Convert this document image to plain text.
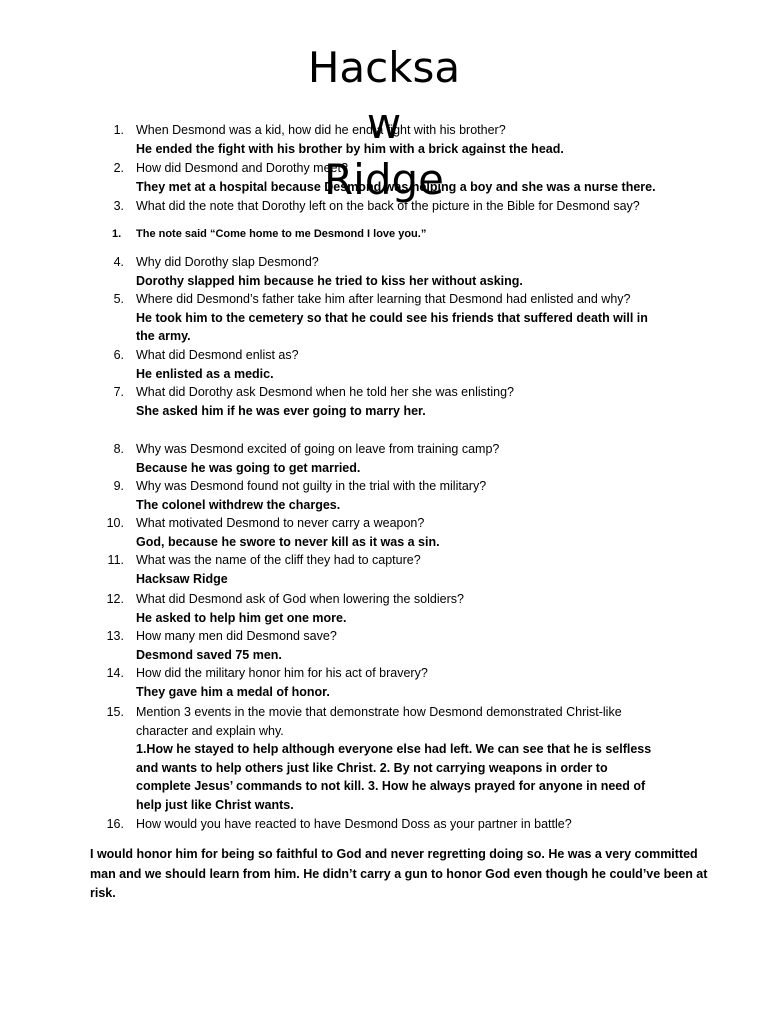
Hacksa
w
Ridge
1. When Desmond was a kid, how did he end a fight with his brother?
He ended the fight with his brother by him with a brick against the head.
2. How did Desmond and Dorothy meet?
They met at a hospital because Desmond was helping a boy and she was a nurse there.
3. What did the note that Dorothy left on the back of the picture in the Bible for Desmond say?
1. The note said “Come home to me Desmond I love you.”
4. Why did Dorothy slap Desmond?
Dorothy slapped him because he tried to kiss her without asking.
5. Where did Desmond’s father take him after learning that Desmond had enlisted and why?
He took him to the cemetery so that he could see his friends that suffered death will in the army.
6. What did Desmond enlist as?
He enlisted as a medic.
7. What did Dorothy ask Desmond when he told her she was enlisting?
She asked him if he was ever going to marry her.
8. Why was Desmond excited of going on leave from training camp?
Because he was going to get married.
9. Why was Desmond found not guilty in the trial with the military?
The colonel withdrew the charges.
10. What motivated Desmond to never carry a weapon?
God, because he swore to never kill as it was a sin.
11. What was the name of the cliff they had to capture?
Hacksaw Ridge
12. What did Desmond ask of God when lowering the soldiers?
He asked to help him get one more.
13. How many men did Desmond save?
Desmond saved 75 men.
14. How did the military honor him for his act of bravery?
They gave him a medal of honor.
15. Mention 3 events in the movie that demonstrate how Desmond demonstrated Christ-like character and explain why.
1.How he stayed to help although everyone else had left. We can see that he is selfless and wants to help others just like Christ. 2. By not carrying weapons in order to complete Jesus’ commands to not kill. 3. How he always prayed for anyone in need of help just like Christ wants.
16. How would you have reacted to have Desmond Doss as your partner in battle?
I would honor him for being so faithful to God and never regretting doing so. He was a very committed man and we should learn from him. He didn’t carry a gun to honor God even though he could’ve been at risk.
